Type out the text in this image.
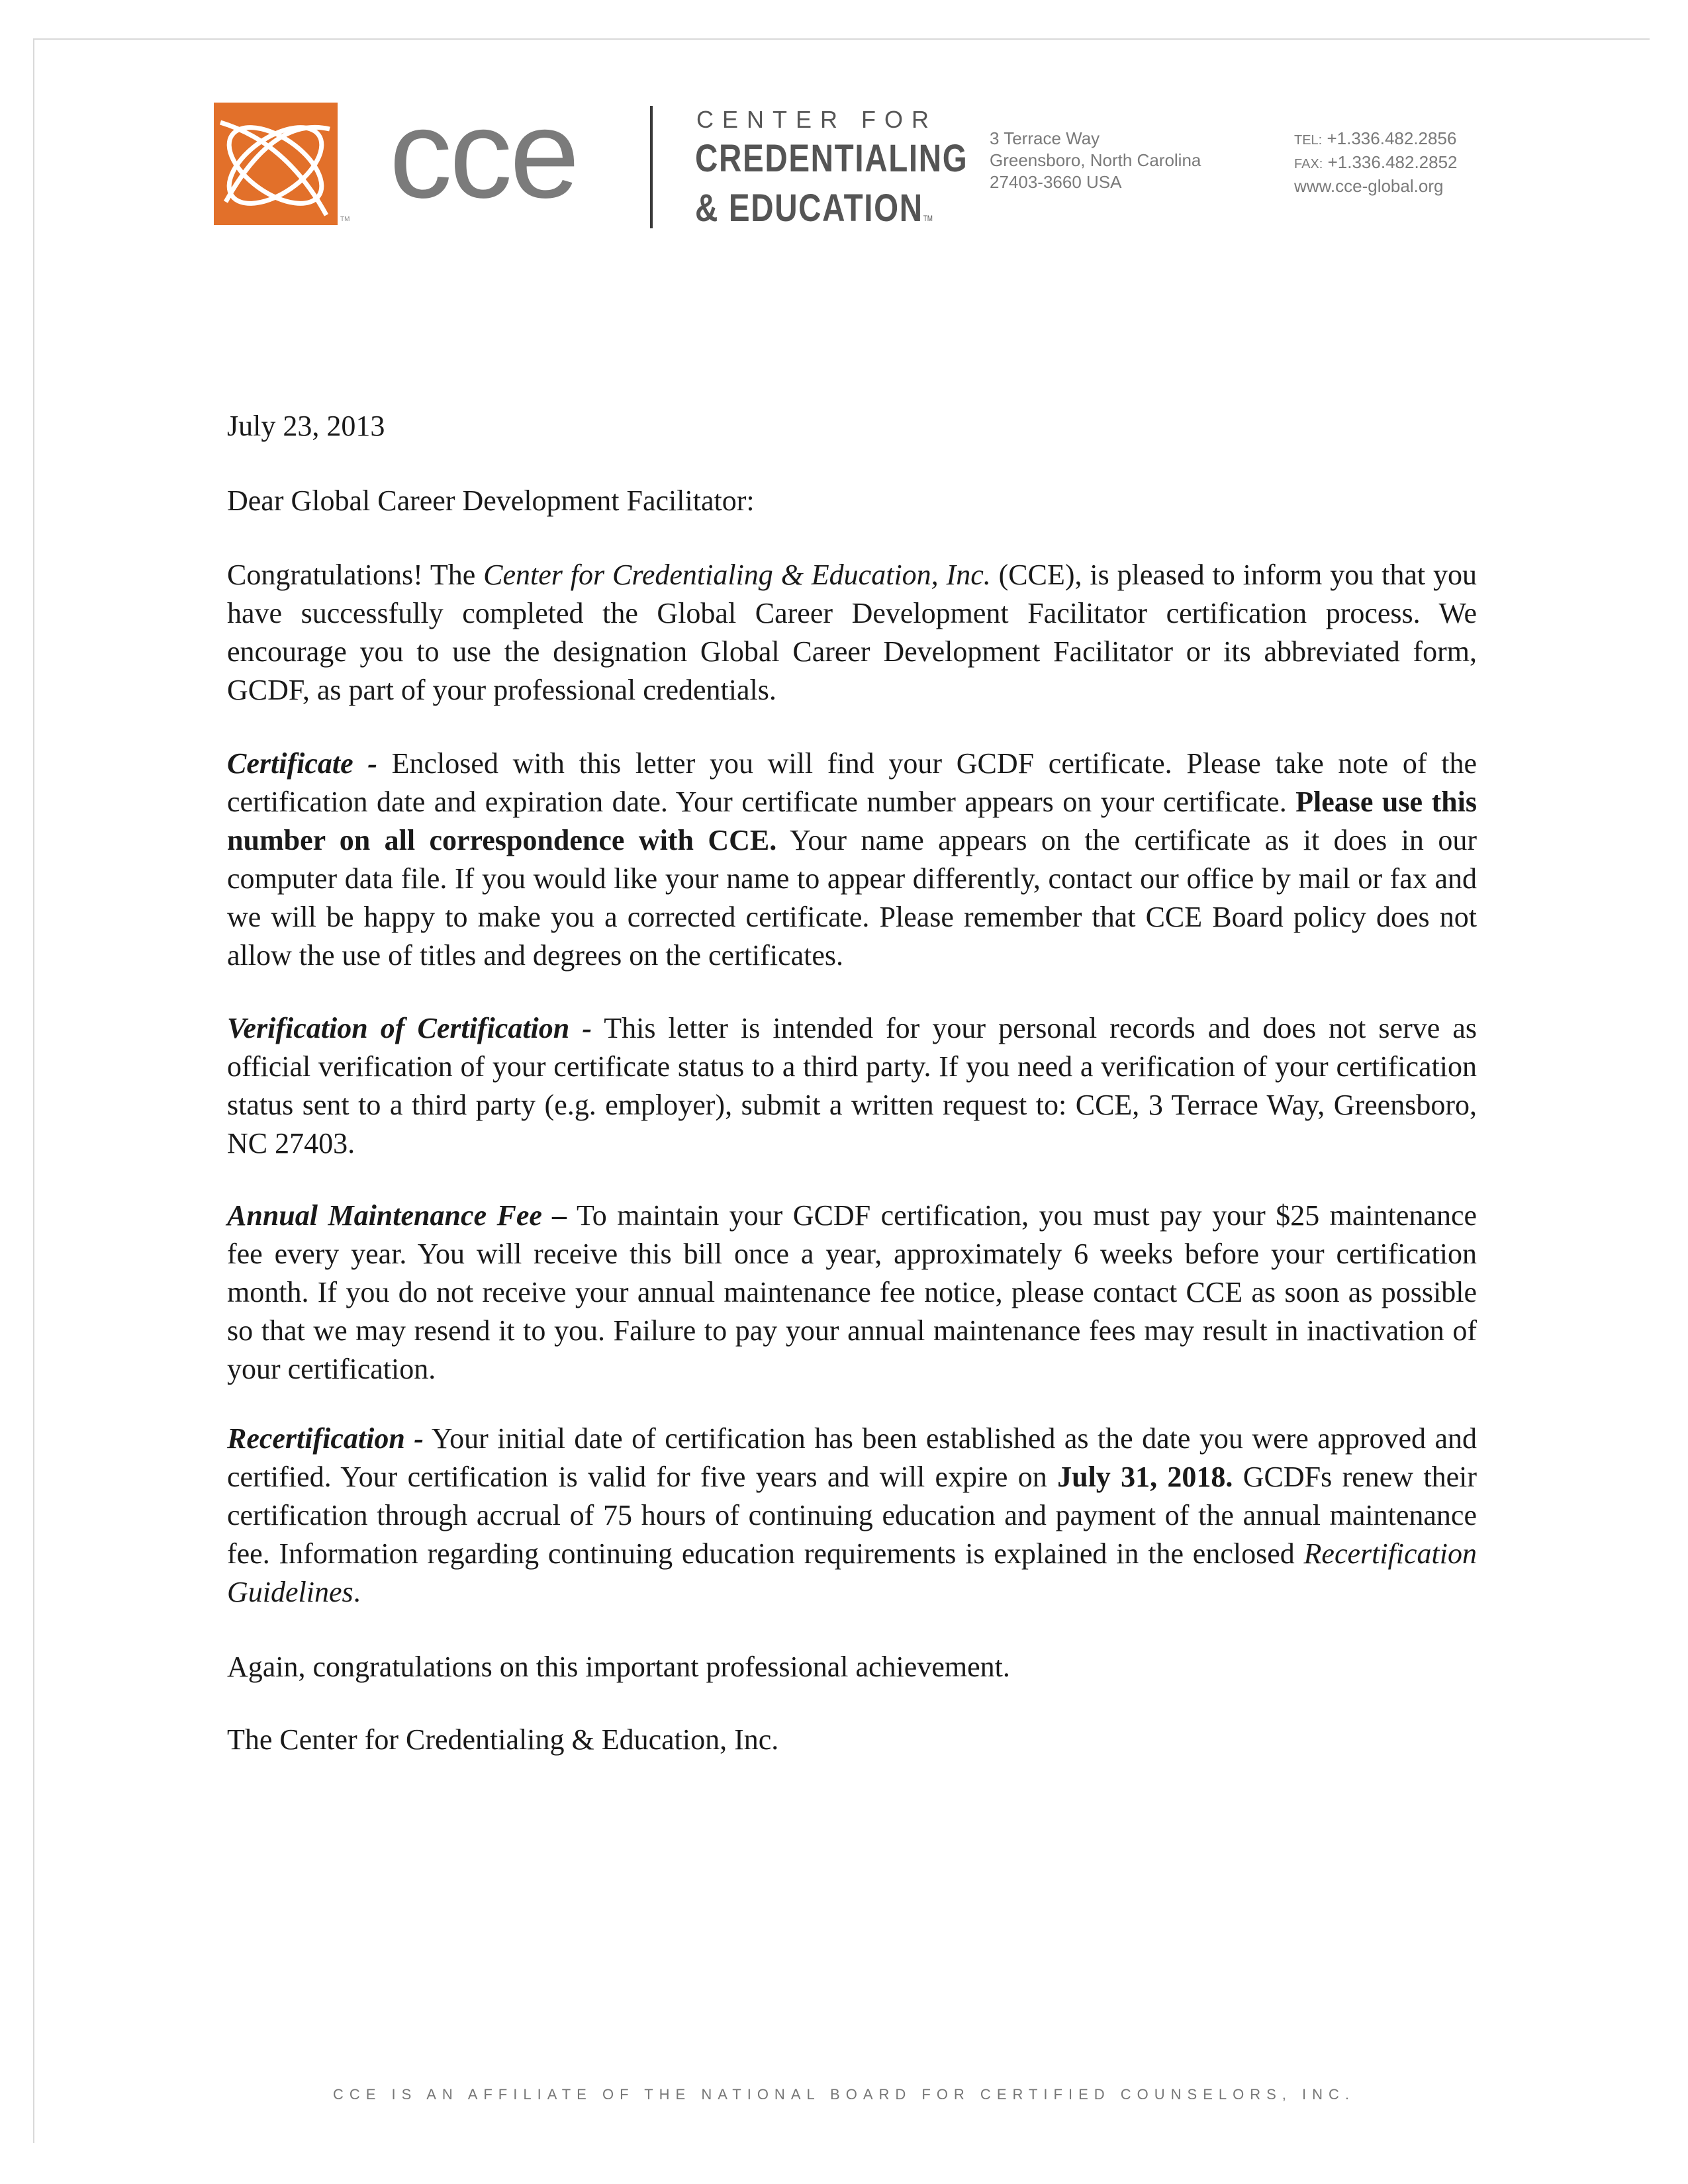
TM cce	CENTER FOR
CREDENTIALING
& EDUCATIONTM
3 Terrace Way
Greensboro, North Carolina
27403-3660 USA
TEL: +1.336.482.2856
FAX: +1.336.482.2852
www.cce-global.org
July 23, 2013
Dear Global Career Development Facilitator:

Congratulations! The Center for Credentialing & Education, Inc. (CCE), is pleased to inform you that you have successfully completed the Global Career Development Facilitator certification process. We encourage you to use the designation Global Career Development Facilitator or its abbreviated form, GCDF, as part of your professional credentials.

Certificate - Enclosed with this letter you will find your GCDF certificate. Please take note of the certification date and expiration date. Your certificate number appears on your certificate. Please use this number on all correspondence with CCE. Your name appears on the certificate as it does in our computer data file. If you would like your name to appear differently, contact our office by mail or fax and we will be happy to make you a corrected certificate. Please remember that CCE Board policy does not allow the use of titles and degrees on the certificates.

Verification of Certification - This letter is intended for your personal records and does not serve as official verification of your certificate status to a third party. If you need a verification of your certification status sent to a third party (e.g. employer), submit a written request to: CCE, 3 Terrace Way, Greensboro, NC 27403.

Annual Maintenance Fee – To maintain your GCDF certification, you must pay your $25 maintenance fee every year. You will receive this bill once a year, approximately 6 weeks before your certification month. If you do not receive your annual maintenance fee notice, please contact CCE as soon as possible so that we may resend it to you. Failure to pay your annual maintenance fees may result in inactivation of your certification.

Recertification - Your initial date of certification has been established as the date you were approved and certified. Your certification is valid for five years and will expire on July 31, 2018. GCDFs renew their certification through accrual of 75 hours of continuing education and payment of the annual maintenance fee. Information regarding continuing education requirements is explained in the enclosed Recertification Guidelines.

Again, congratulations on this important professional achievement.
The Center for Credentialing & Education, Inc.
CCE IS AN AFFILIATE OF THE NATIONAL BOARD FOR CERTIFIED COUNSELORS, INC.
